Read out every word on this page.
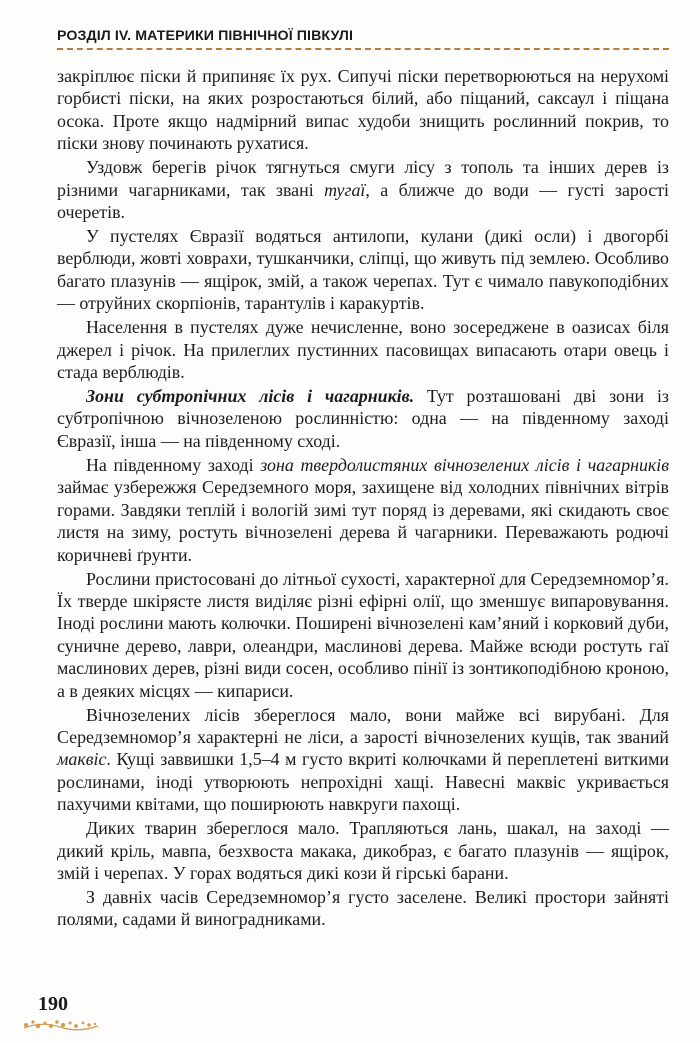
РОЗДІЛ IV. МАТЕРИКИ ПІВНІЧНОЇ ПІВКУЛІ

закріплює піски й припиняє їх рух. Сипучі піски перетворюються на нерухомі горбисті піски, на яких розростаються білий, або піщаний, саксаул і піщана осока. Проте якщо надмірний випас худоби знищить рослинний покрив, то піски знову починають рухатися.

Уздовж берегів річок тягнуться смуги лісу з тополь та інших дерев із різними чагарниками, так звані тугаї, а ближче до води — густі зарості очеретів.

У пустелях Євразії водяться антилопи, кулани (дикі осли) і двогорбі верблюди, жовті ховрахи, тушканчики, сліпці, що живуть під землею. Особливо багато плазунів — ящірок, змій, а також черепах. Тут є чимало павукоподібних — отруйних скорпіонів, тарантулів і каракуртів.

Населення в пустелях дуже нечисленне, воно зосереджене в оазисах біля джерел і річок. На прилеглих пустинних пасовищах випасають отари овець і стада верблюдів.

Зони субтропічних лісів і чагарників. Тут розташовані дві зони із субтропічною вічнозеленою рослинністю: одна — на південному заході Євразії, інша — на південному сході.

На південному заході зона твердолистяних вічнозелених лісів і чагарників займає узбережжя Середземного моря, захищене від холодних північних вітрів горами. Завдяки теплій і вологій зимі тут поряд із деревами, які скидають своє листя на зиму, ростуть вічнозелені дерева й чагарники. Переважають родючі коричневі ґрунти.

Рослини пристосовані до літньої сухості, характерної для Середземномор’я. Їх тверде шкірясте листя виділяє різні ефірні олії, що зменшує випаровування. Іноді рослини мають колючки. Поширені вічнозелені кам’яний і корковий дуби, суничне дерево, лаври, олеандри, маслинові дерева. Майже всюди ростуть гаї маслинових дерев, різні види сосен, особливо пінії із зонтикоподібною кроною, а в деяких місцях — кипариси.

Вічнозелених лісів збереглося мало, вони майже всі вирубані. Для Середземномор’я характерні не ліси, а зарості вічнозелених кущів, так званий маквіс. Кущі заввишки 1,5–4 м густо вкриті колючками й переплетені виткими рослинами, іноді утворюють непрохідні хащі. Навесні маквіс укривається пахучими квітами, що поширюють навкруги пахощі.

Диких тварин збереглося мало. Трапляються лань, шакал, на заході — дикий кріль, мавпа, безхвоста макака, дикобраз, є багато плазунів — ящірок, змій і черепах. У горах водяться дикі кози й гірські барани.

З давніх часів Середземномор’я густо заселене. Великі простори зайняті полями, садами й виноградниками.

190
